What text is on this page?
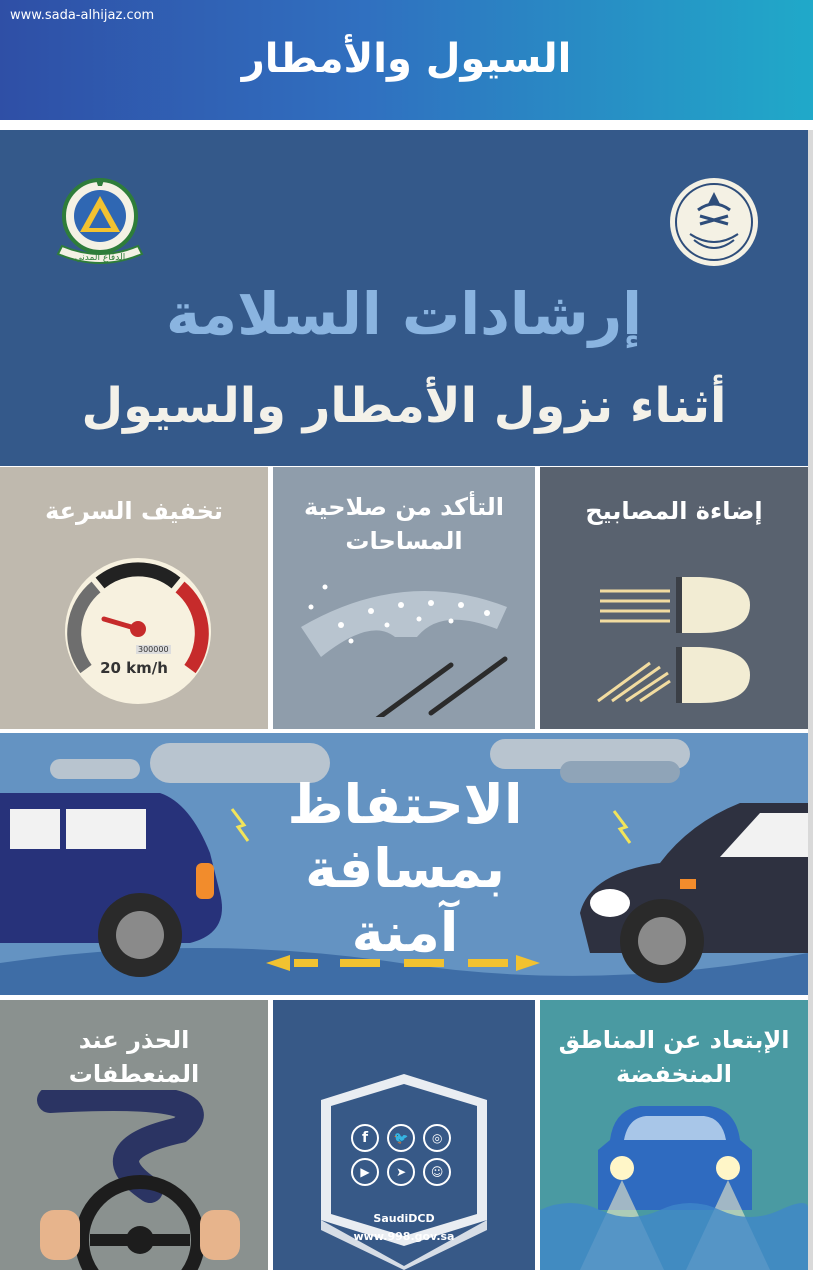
www.sada-alhijaz.com
السيول والأمطار
الدفاع المدني
إرشادات السلامة
أثناء نزول الأمطار والسيول
تخفيف السرعة
300000
20 km/h
التأكد من صلاحية
المساحات
إضاءة المصابيح
الاحتفاظ
بمسافة
آمنة
الحذر عند
المنعطفات
f 🐦 ◎ ▶ ➤ ☺
SaudiDCD
www.998.gov.sa
الإبتعاد عن المناطق
المنخفضة
